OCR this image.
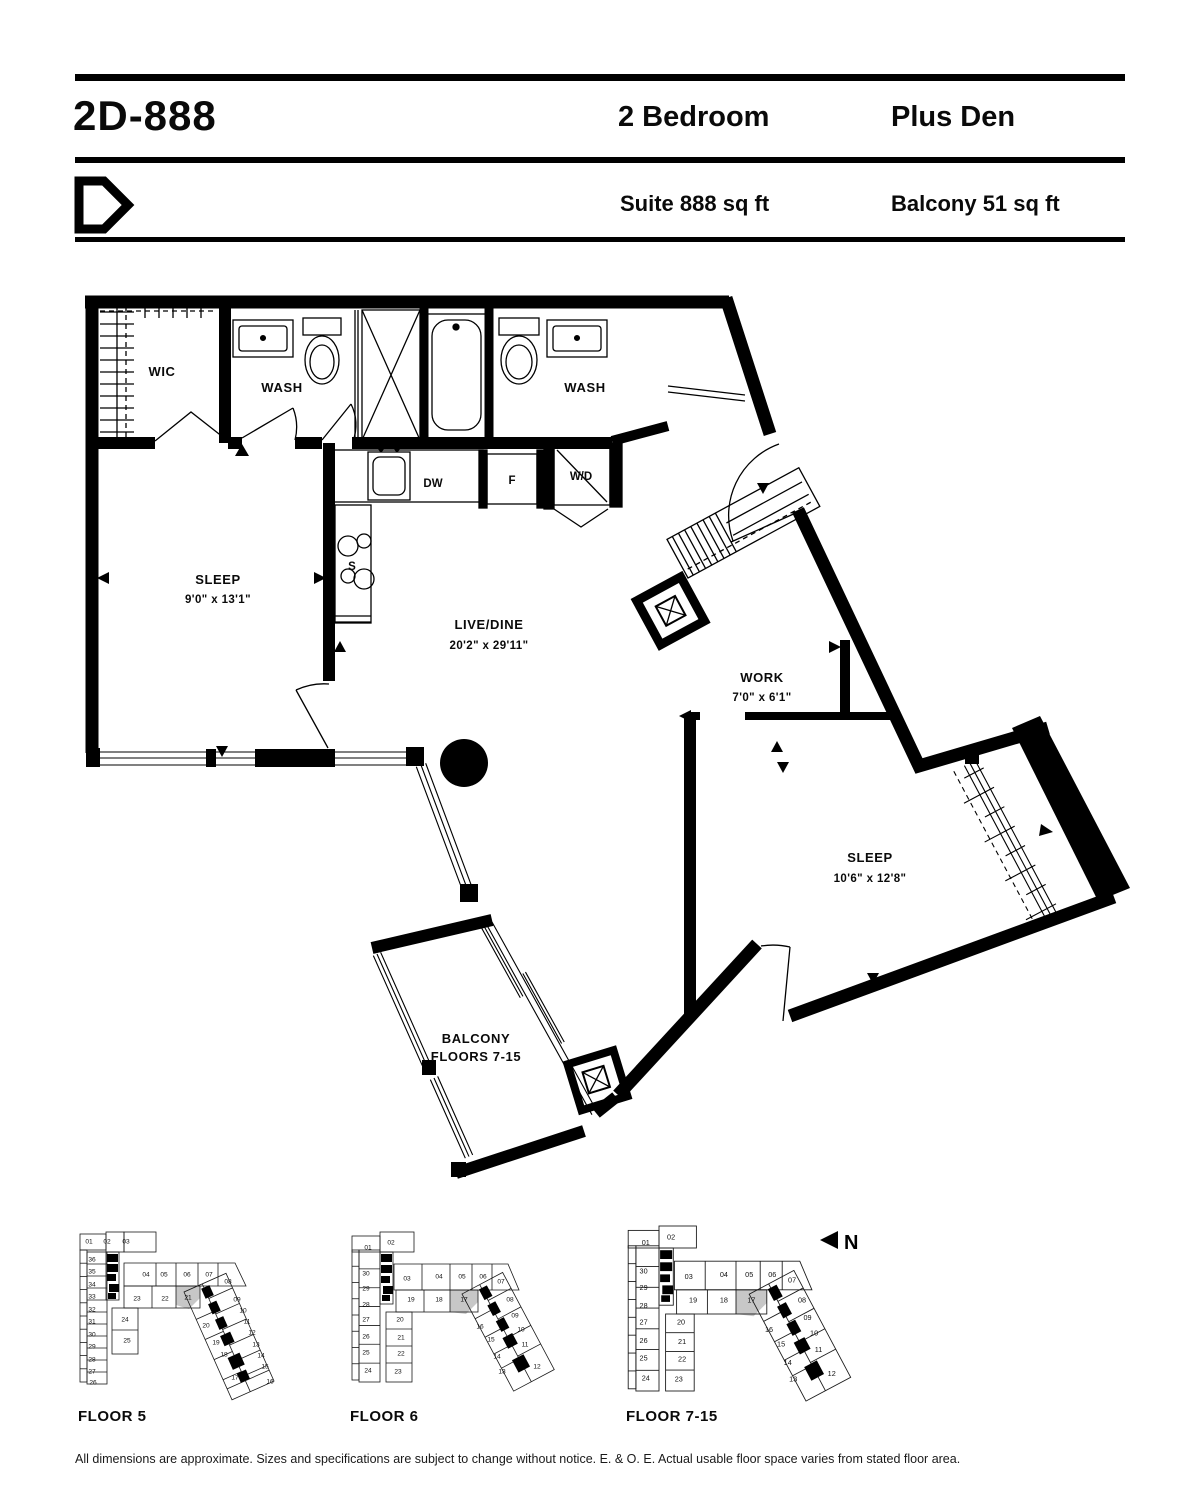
2D-888	2 Bedroom	Plus Den
Suite 888 sq ft	Balcony 51 sq ft
WIC
WASH	WASH
SLEEP
9'0" x 13'1"
LIVE/DINE
20'2" x 29'11"
WORK
7'0" x 6'1"
SLEEP
10'6" x 12'8"
BALCONY
FLOORS 7-15
DW	F	W/D
S
01 02 03
36
35
34
33
32
31
30
29
28
27
26
04 05 06 07
08
23	22 21
24
25
09
10
11
12
13
14
15
16
20
19
18
17
01
02
30
29
28
27
26
25
24
03	04 05 06
07
19	18	17
20
21
22
23
08
09
10
11
12
16
15
14
13
01
02
30
29
28
27
26
25
24
03	04	05 06
07
19	18	17
20
21
22
23
08
09
10
11
12
16
15
14
13
N
FLOOR 5	FLOOR 6	FLOOR 7-15
All dimensions are approximate. Sizes and specifications are subject to change without notice. E. & O. E. Actual usable floor space varies from stated floor area.
